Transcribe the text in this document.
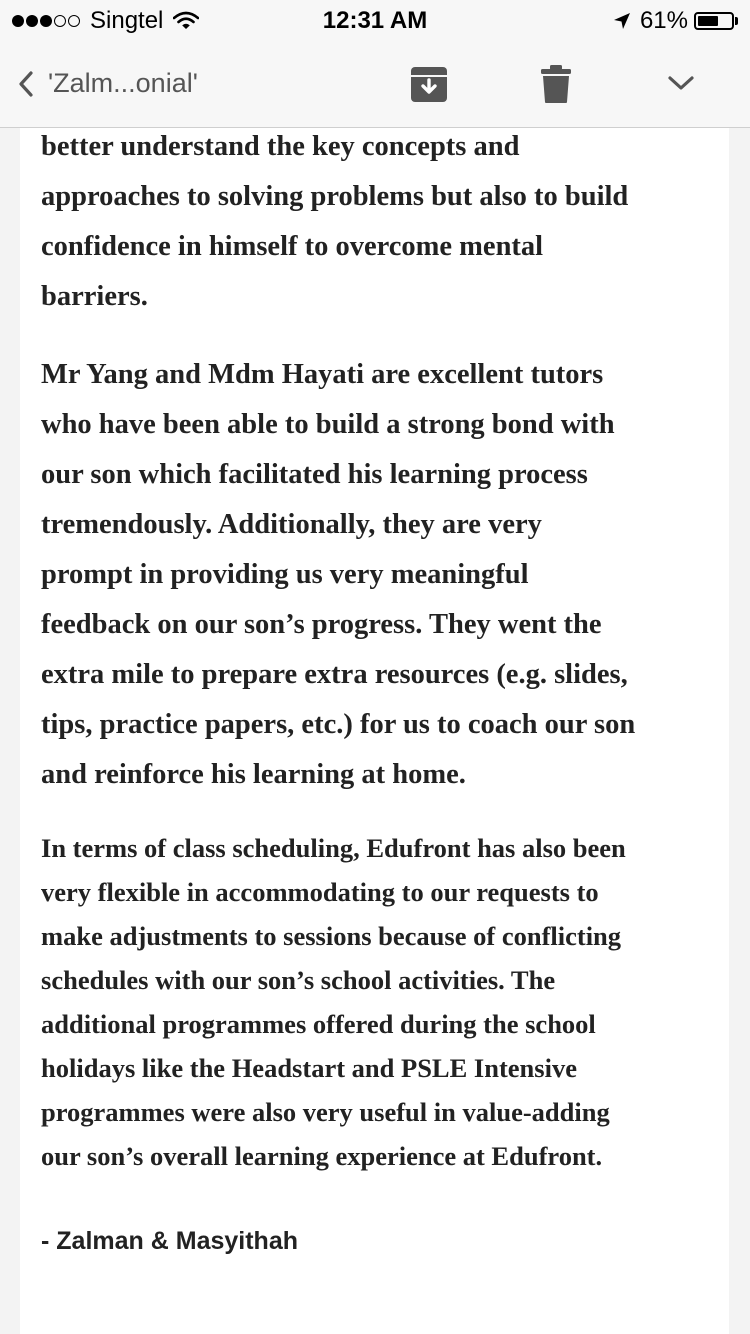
Singtel	12:31 AM	61%
'Zalm...onial'

better understand the key concepts and
approaches to solving problems but also to build
confidence in himself to overcome mental
barriers.

Mr Yang and Mdm Hayati are excellent tutors
who have been able to build a strong bond with
our son which facilitated his learning process
tremendously. Additionally, they are very
prompt in providing us very meaningful
feedback on our son’s progress. They went the
extra mile to prepare extra resources (e.g. slides,
tips, practice papers, etc.) for us to coach our son
and reinforce his learning at home.

In terms of class scheduling, Edufront has also been
very flexible in accommodating to our requests to
make adjustments to sessions because of conflicting
schedules with our son’s school activities. The
additional programmes offered during the school
holidays like the Headstart and PSLE Intensive
programmes were also very useful in value-adding
our son’s overall learning experience at Edufront.

- Zalman & Masyithah
